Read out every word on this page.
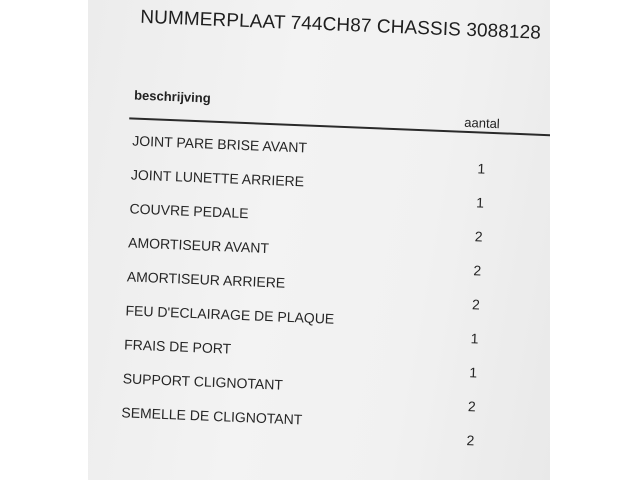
NUMMERPLAAT 744CH87 CHASSIS 3088128
beschrijving
aantal
JOINT PARE BRISE AVANT
1
JOINT LUNETTE ARRIERE
1
COUVRE PEDALE
2
AMORTISEUR AVANT
2
AMORTISEUR ARRIERE
2
FEU D'ECLAIRAGE DE PLAQUE
1
FRAIS DE PORT
1
SUPPORT CLIGNOTANT
2
SEMELLE DE CLIGNOTANT
2
